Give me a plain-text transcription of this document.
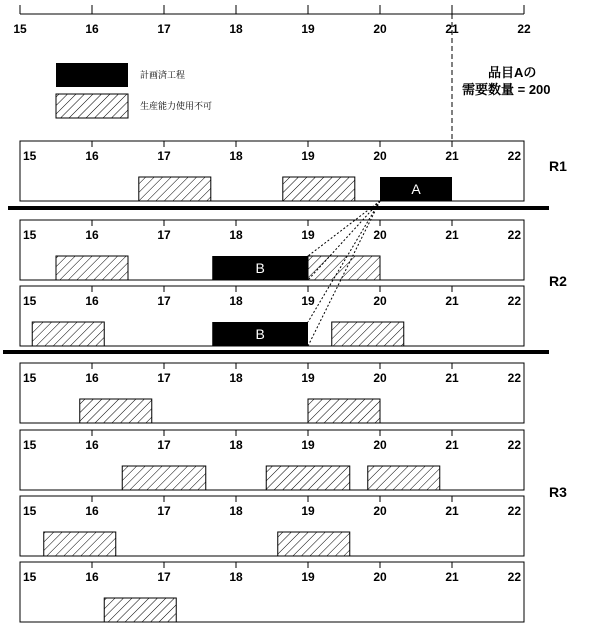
15	16	17	18	19	20	21	22
計画済工程
生産能力使用不可
品目Aの
需要数量 = 200
15	16	17	18	19	20	21	22
A
15	16	17	18	19	20	21	22
B
15	16	17	18	19	20	21	22
B
15	16	17	18	19	20	21	22
15	16	17	18	19	20	21	22
15	16	17	18	19	20	21	22
15	16	17	18	19	20	21	22
R1
R2
R3
